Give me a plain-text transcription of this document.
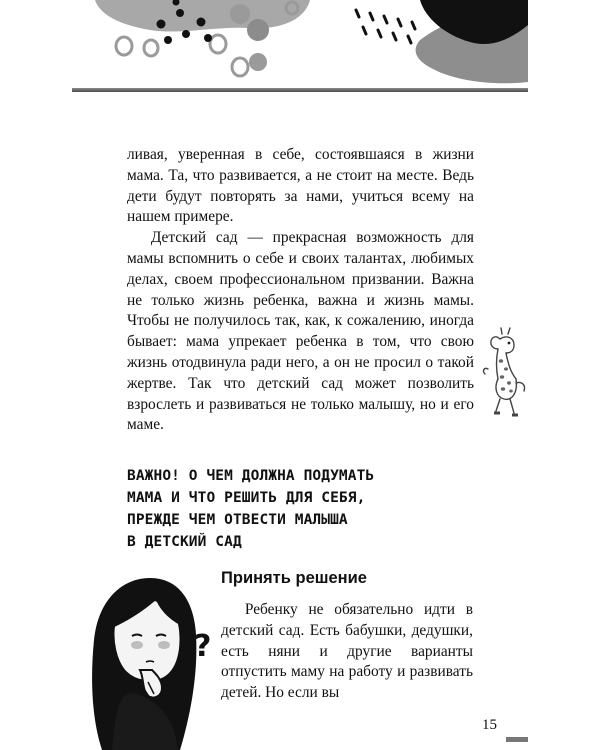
ливая, уверенная в себе, состоявшаяся в жизни мама. Та, что развивается, а не стоит на месте. Ведь дети будут повторять за нами, учиться всему на нашем примере.

Детский сад — прекрасная возможность для мамы вспомнить о себе и своих талантах, любимых делах, своем профессиональном призвании. Важна не только жизнь ребенка, важна и жизнь мамы. Чтобы не получилось так, как, к сожалению, иногда бывает: мама упрекает ребенка в том, что свою жизнь отодвинула ради него, а он не просил о такой жертве. Так что детский сад может позволить взрослеть и развиваться не только малышу, но и его маме.

ВАЖНО! О ЧЕМ ДОЛЖНА ПОДУМАТЬ
МАМА И ЧТО РЕШИТЬ ДЛЯ СЕБЯ,
ПРЕЖДЕ ЧЕМ ОТВЕСТИ МАЛЫША
В ДЕТСКИЙ САД
?
Принять решение

Ребенку не обязательно идти в детский сад. Есть бабушки, дедушки, есть няни и другие варианты отпустить маму на работу и развивать детей. Но если вы

15
